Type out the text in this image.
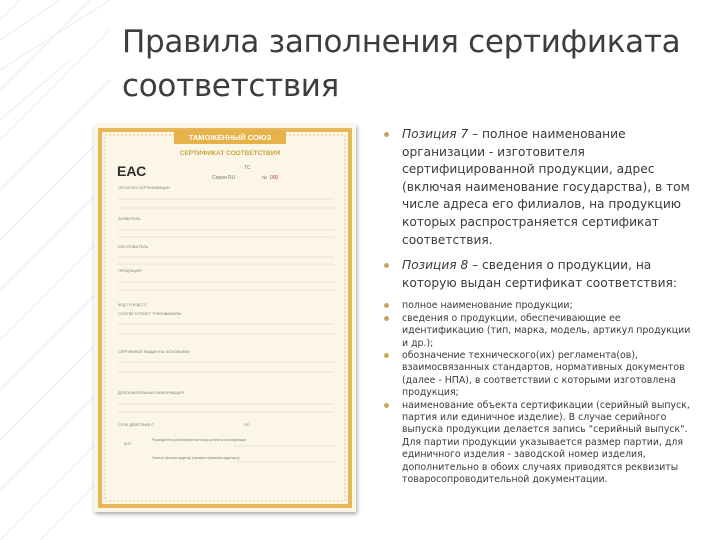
Правила заполнения сертификата соответствия
ТАМОЖЕННЫЙ СОЮЗ
СЕРТИФИКАТ СООТВЕТСТВИЯ
ЕАС	ТС
Серия RU	№ 000
ОРГАН ПО СЕРТИФИКАЦИИ
ЗАЯВИТЕЛЬ
ИЗГОТОВИТЕЛЬ
ПРОДУКЦИЯ
КОД ТН ВЭД ТС
СООТВЕТСТВУЕТ ТРЕБОВАНИЯМ
СЕРТИФИКАТ ВЫДАН НА ОСНОВАНИИ
ДОПОЛНИТЕЛЬНАЯ ИНФОРМАЦИЯ
СРОК ДЕЙСТВИЯ С	ПО
М.П.
Руководитель (уполномоченное лицо) органа по сертификации
Эксперт (эксперт-аудитор) (эксперты (эксперты-аудиторы))
Позиция 7 – полное наименование организации - изготовителя сертифицированной продукции, адрес (включая наименование государства), в том числе адреса его филиалов, на продукцию которых распространяется сертификат соответствия.
Позиция 8 – сведения о продукции, на которую выдан сертификат соответствия:
полное наименование продукции;
сведения о продукции, обеспечивающие ее идентификацию (тип, марка, модель, артикул продукции и др.);
обозначение технического(их) регламента(ов), взаимосвязанных стандартов, нормативных документов (далее - НПА), в соответствии с которыми изготовлена продукция;
наименование объекта сертификации (серийный выпуск, партия или единичное изделие). В случае серийного выпуска продукции делается запись "серийный выпуск". Для партии продукции указывается размер партии, для единичного изделия - заводской номер изделия, дополнительно в обоих случаях приводятся реквизиты товаросопроводительной документации.
